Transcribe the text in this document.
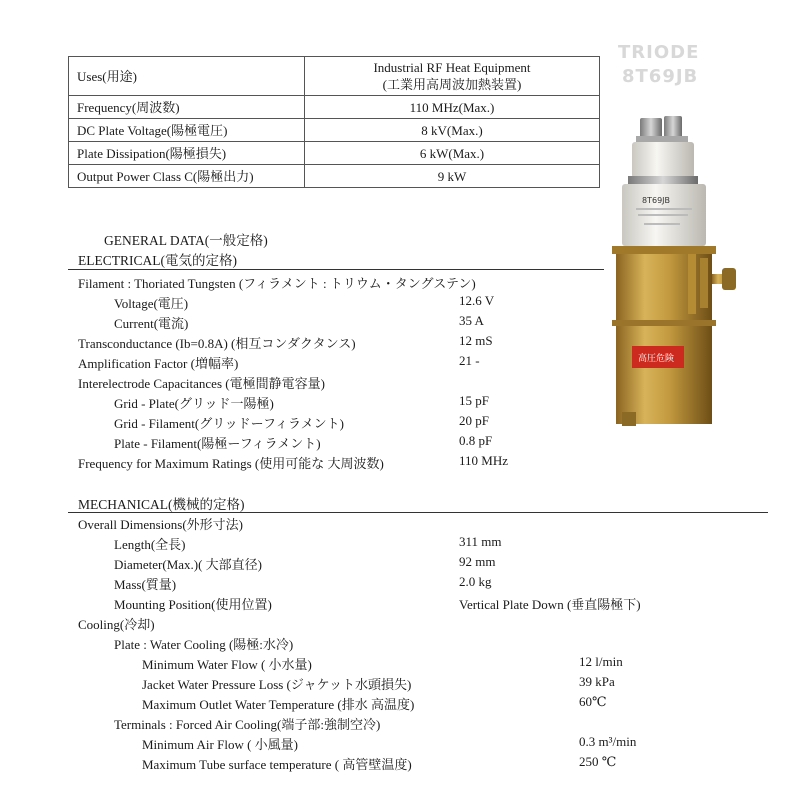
Uses(用途)	Industrial RF Heat Equipment
(工業用高周波加熱装置)

Frequency(周波数)	110 MHz(Max.)
DC Plate Voltage(陽極電圧)	8 kV(Max.)
Plate Dissipation(陽極損失)	6 kW(Max.)
Output Power Class C(陽極出力)	9 kW
TRIODE
8T69JB
8T69JB
高圧危険
GENERAL DATA(一般定格)
ELECTRICAL(電気的定格)
Filament : Thoriated Tungsten (フィラメント : トリウム・タングステン)
Voltage(電圧)	12.6 V
Current(電流)	35 A
Transconductance (Ib=0.8A) (相互コンダクタンス)	12 mS
Amplification Factor (増幅率)	21 -
Interelectrode Capacitances (電極間静電容量)
Grid - Plate(グリッド一陽極)	15 pF
Grid - Filament(グリッドーフィラメント)	20 pF
Plate - Filament(陽極ーフィラメント)	0.8 pF
Frequency for Maximum Ratings (使用可能な 大周波数)	110 MHz
MECHANICAL(機械的定格)
Overall Dimensions(外形寸法)
Length(全長)	311 mm
Diameter(Max.)( 大部直径)	92 mm
Mass(質量)	2.0 kg
Mounting Position(使用位置)	Vertical Plate Down (垂直陽極下)
Cooling(冷却)
Plate : Water Cooling (陽極:水冷)
Minimum Water Flow ( 小水量)	12 l/min
Jacket Water Pressure Loss (ジャケット水頭損失)	39 kPa
Maximum Outlet Water Temperature (排水 高温度)	60℃
Terminals : Forced Air Cooling(端子部:強制空冷)
Minimum Air Flow ( 小風量)	0.3 m³/min
Maximum Tube surface temperature ( 高管壁温度)	250 ℃
